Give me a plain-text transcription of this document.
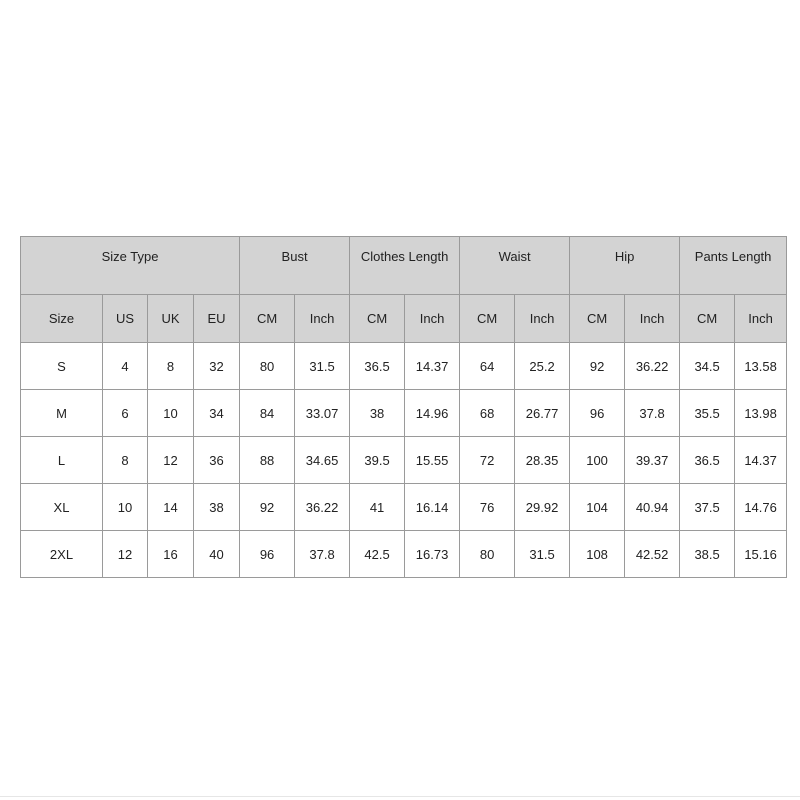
Size Type				Bust		Clothes Length		Waist		Hip		Pants Length	
Size	US	UK	EU	CM	Inch	CM	Inch	CM	Inch	CM	Inch	CM	Inch
S	4	8	32	80	31.5	36.5	14.37	64	25.2	92	36.22	34.5	13.58
M	6	10	34	84	33.07	38	14.96	68	26.77	96	37.8	35.5	13.98
L	8	12	36	88	34.65	39.5	15.55	72	28.35	100	39.37	36.5	14.37
XL	10	14	38	92	36.22	41	16.14	76	29.92	104	40.94	37.5	14.76
2XL	12	16	40	96	37.8	42.5	16.73	80	31.5	108	42.52	38.5	15.16
